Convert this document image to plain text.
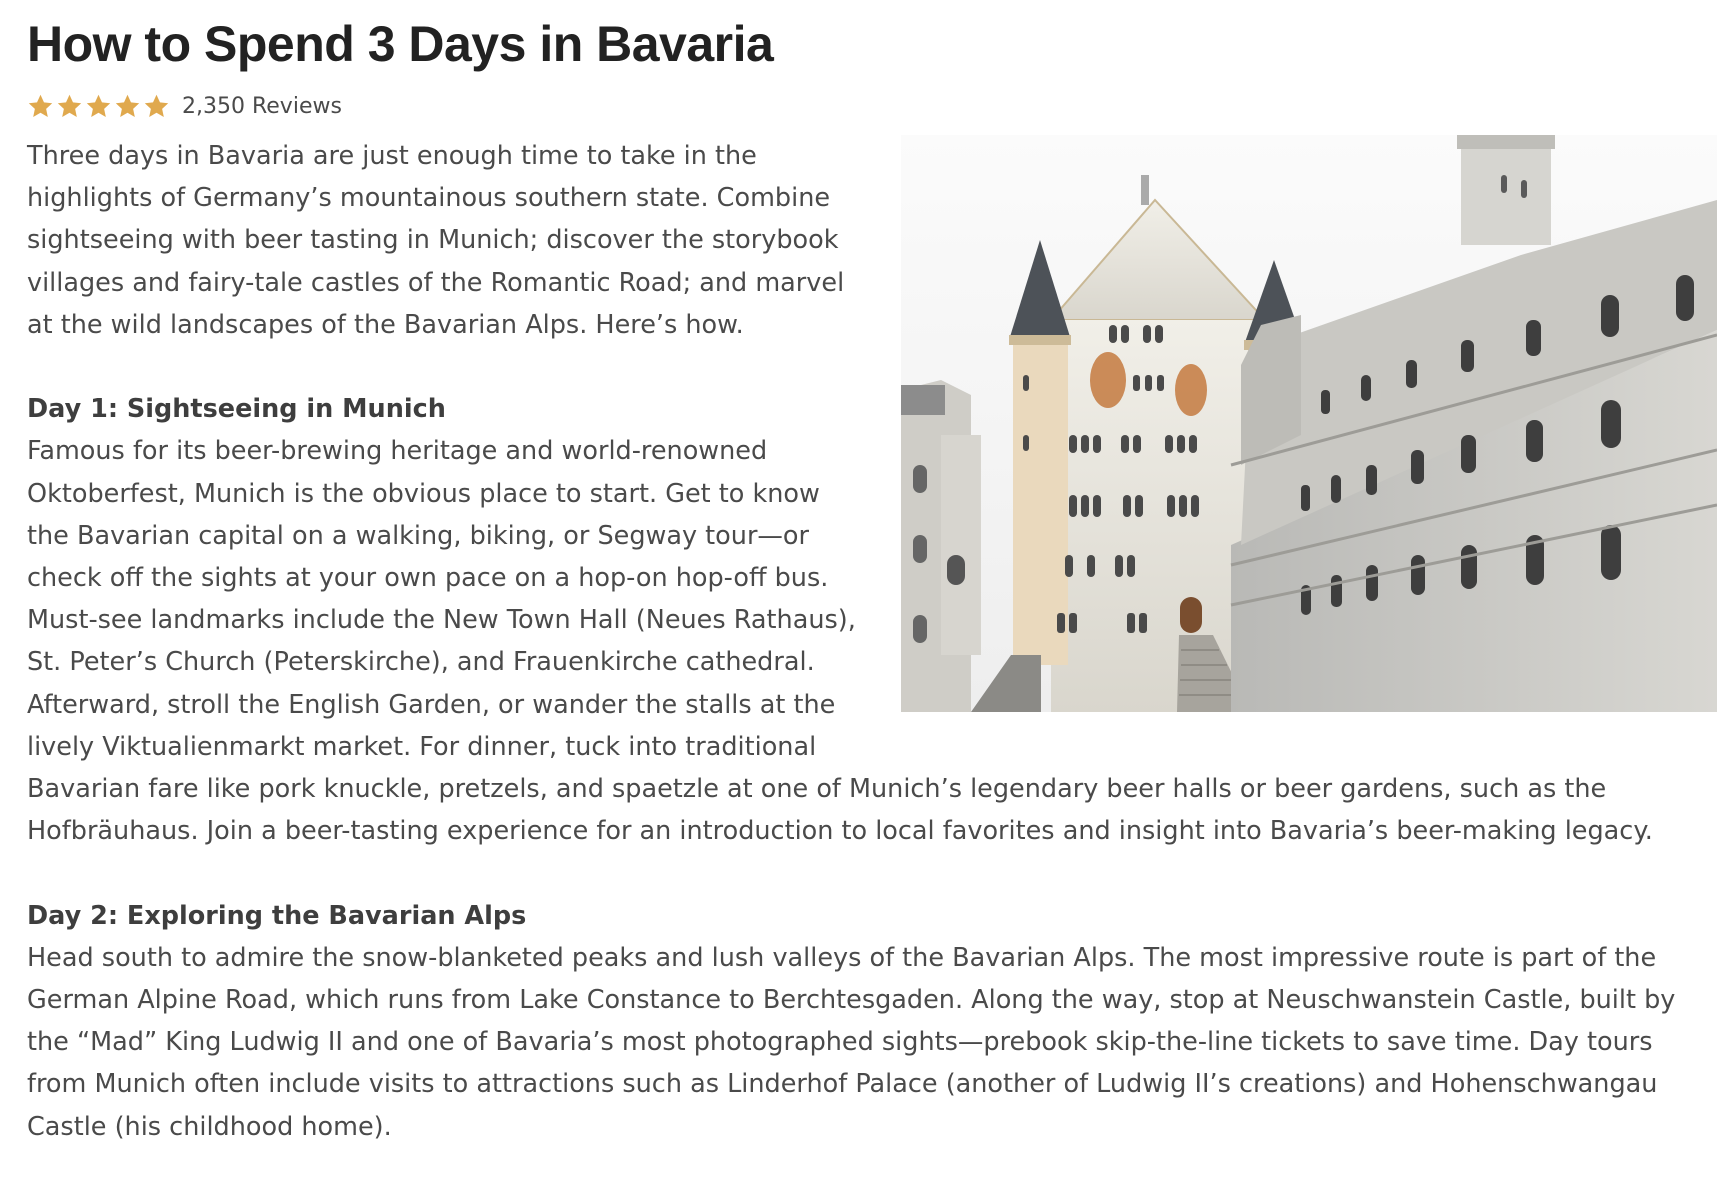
How to Spend 3 Days in Bavaria
2,350 Reviews

Three days in Bavaria are just enough time to take in the highlights of Germany’s mountainous southern state. Combine sightseeing with beer tasting in Munich; discover the storybook villages and fairy-tale castles of the Romantic Road; and marvel at the wild landscapes of the Bavarian Alps. Here’s how.

Day 1: Sightseeing in Munich
Famous for its beer-brewing heritage and world-renowned Oktoberfest, Munich is the obvious place to start. Get to know the Bavarian capital on a walking, biking, or Segway tour—or check off the sights at your own pace on a hop-on hop-off bus. Must-see landmarks include the New Town Hall (Neues Rathaus), St. Peter’s Church (Peterskirche), and Frauenkirche cathedral. Afterward, stroll the English Garden, or wander the stalls at the lively Viktualienmarkt market. For dinner, tuck into traditional Bavarian fare like pork knuckle, pretzels, and spaetzle at one of Munich’s legendary beer halls or beer gardens, such as the Hofbräuhaus. Join a beer-tasting experience for an introduction to local favorites and insight into Bavaria’s beer-making legacy.

Day 2: Exploring the Bavarian Alps
Head south to admire the snow-blanketed peaks and lush valleys of the Bavarian Alps. The most impressive route is part of the German Alpine Road, which runs from Lake Constance to Berchtesgaden. Along the way, stop at Neuschwanstein Castle, built by the “Mad” King Ludwig II and one of Bavaria’s most photographed sights—prebook skip-the-line tickets to save time. Day tours from Munich often include visits to attractions such as Linderhof Palace (another of Ludwig II’s creations) and Hohenschwangau Castle (his childhood home).
